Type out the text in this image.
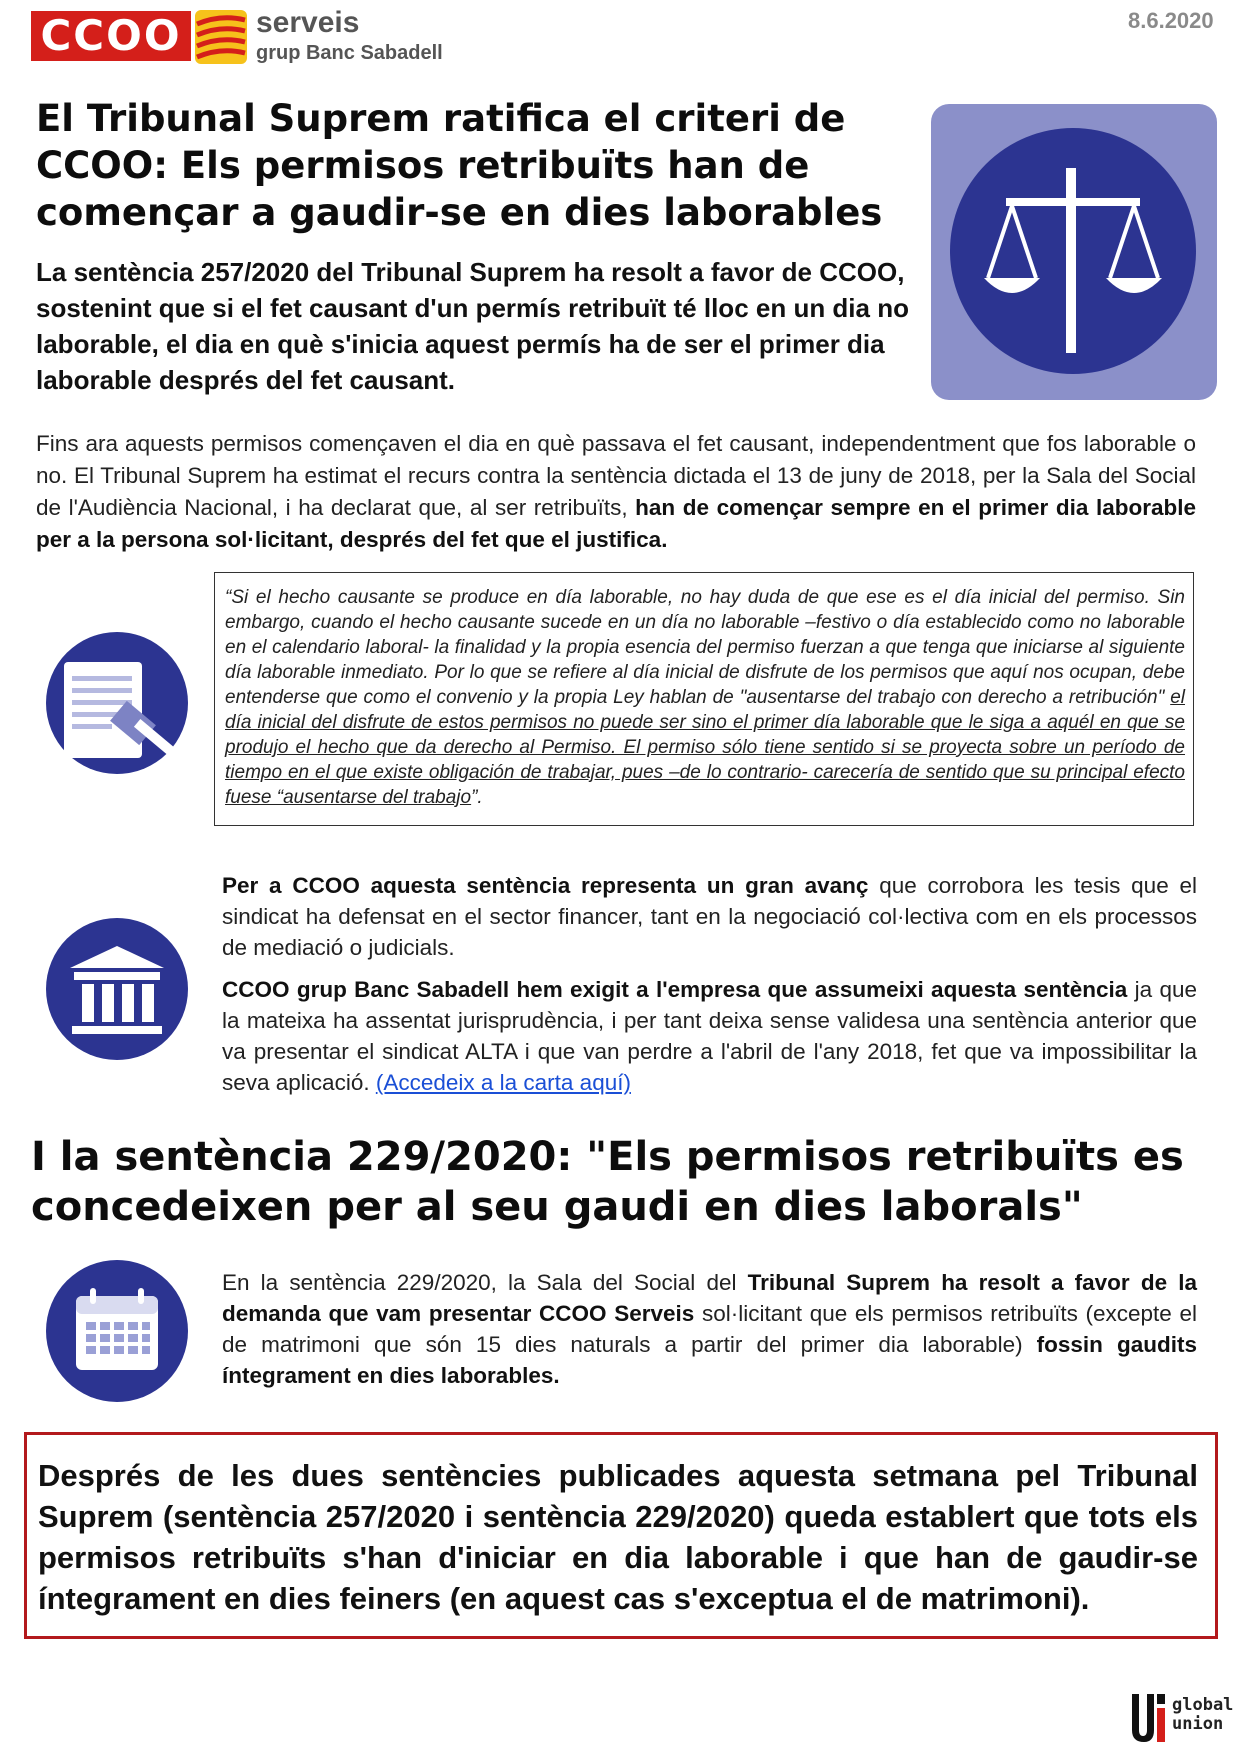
CCOO	serveis
grup Banc Sabadell
8.6.2020
El Tribunal Suprem ratifica el criteri de CCOO: Els permisos retribuïts han de començar a gaudir-se en dies laborables

La sentència 257/2020 del Tribunal Suprem ha resolt a favor de CCOO, sostenint que si el fet causant d'un permís retribuït té lloc en un dia no laborable, el dia en què s'inicia aquest permís ha de ser el primer dia laborable després del fet causant.

Fins ara aquests permisos començaven el dia en què passava el fet causant, independentment que fos laborable o no. El Tribunal Suprem ha estimat el recurs contra la sentència dictada el 13 de juny de 2018, per la Sala del Social de l'Audiència Nacional, i ha declarat que, al ser retribuïts, han de començar sempre en el primer dia laborable per a la persona sol·licitant, després del fet que el justifica.

“Si el hecho causante se produce en día laborable, no hay duda de que ese es el día inicial del permiso. Sin embargo, cuando el hecho causante sucede en un día no laborable –festivo o día establecido como no laborable en el calendario laboral- la finalidad y la propia esencia del permiso fuerzan a que tenga que iniciarse al siguiente día laborable inmediato. Por lo que se refiere al día inicial de disfrute de los permisos que aquí nos ocupan, debe entenderse que como el convenio y la propia Ley hablan de "ausentarse del trabajo con derecho a retribución" el día inicial del disfrute de estos permisos no puede ser sino el primer día laborable que le siga a aquél en que se produjo el hecho que da derecho al Permiso. El permiso sólo tiene sentido si se proyecta sobre un período de tiempo en el que existe obligación de trabajar, pues –de lo contrario- carecería de sentido que su principal efecto fuese “ausentarse del trabajo”.

Per a CCOO aquesta sentència representa un gran avanç que corrobora les tesis que el sindicat ha defensat en el sector financer, tant en la negociació col·lectiva com en els processos de mediació o judicials.

CCOO grup Banc Sabadell hem exigit a l'empresa que assumeixi aquesta sentència ja que la mateixa ha assentat jurisprudència, i per tant deixa sense validesa una sentència anterior que va presentar el sindicat ALTA i que van perdre a l'abril de l'any 2018, fet que va impossibilitar la seva aplicació. (Accedeix a la carta aquí)

I la sentència 229/2020: "Els permisos retribuïts es concedeixen per al seu gaudi en dies laborals"

En la sentència 229/2020, la Sala del Social del Tribunal Suprem ha resolt a favor de la demanda que vam presentar CCOO Serveis sol·licitant que els permisos retribuïts (excepte el de matrimoni que són 15 dies naturals a partir del primer dia laborable) fossin gaudits íntegrament en dies laborables.

Després de les dues sentències publicades aquesta setmana pel Tribunal Suprem (sentència 257/2020 i sentència 229/2020) queda establert que tots els permisos retribuïts s'han d'iniciar en dia laborable i que han de gaudir-se íntegrament en dies feiners (en aquest cas s'exceptua el de matrimoni).

global
union
